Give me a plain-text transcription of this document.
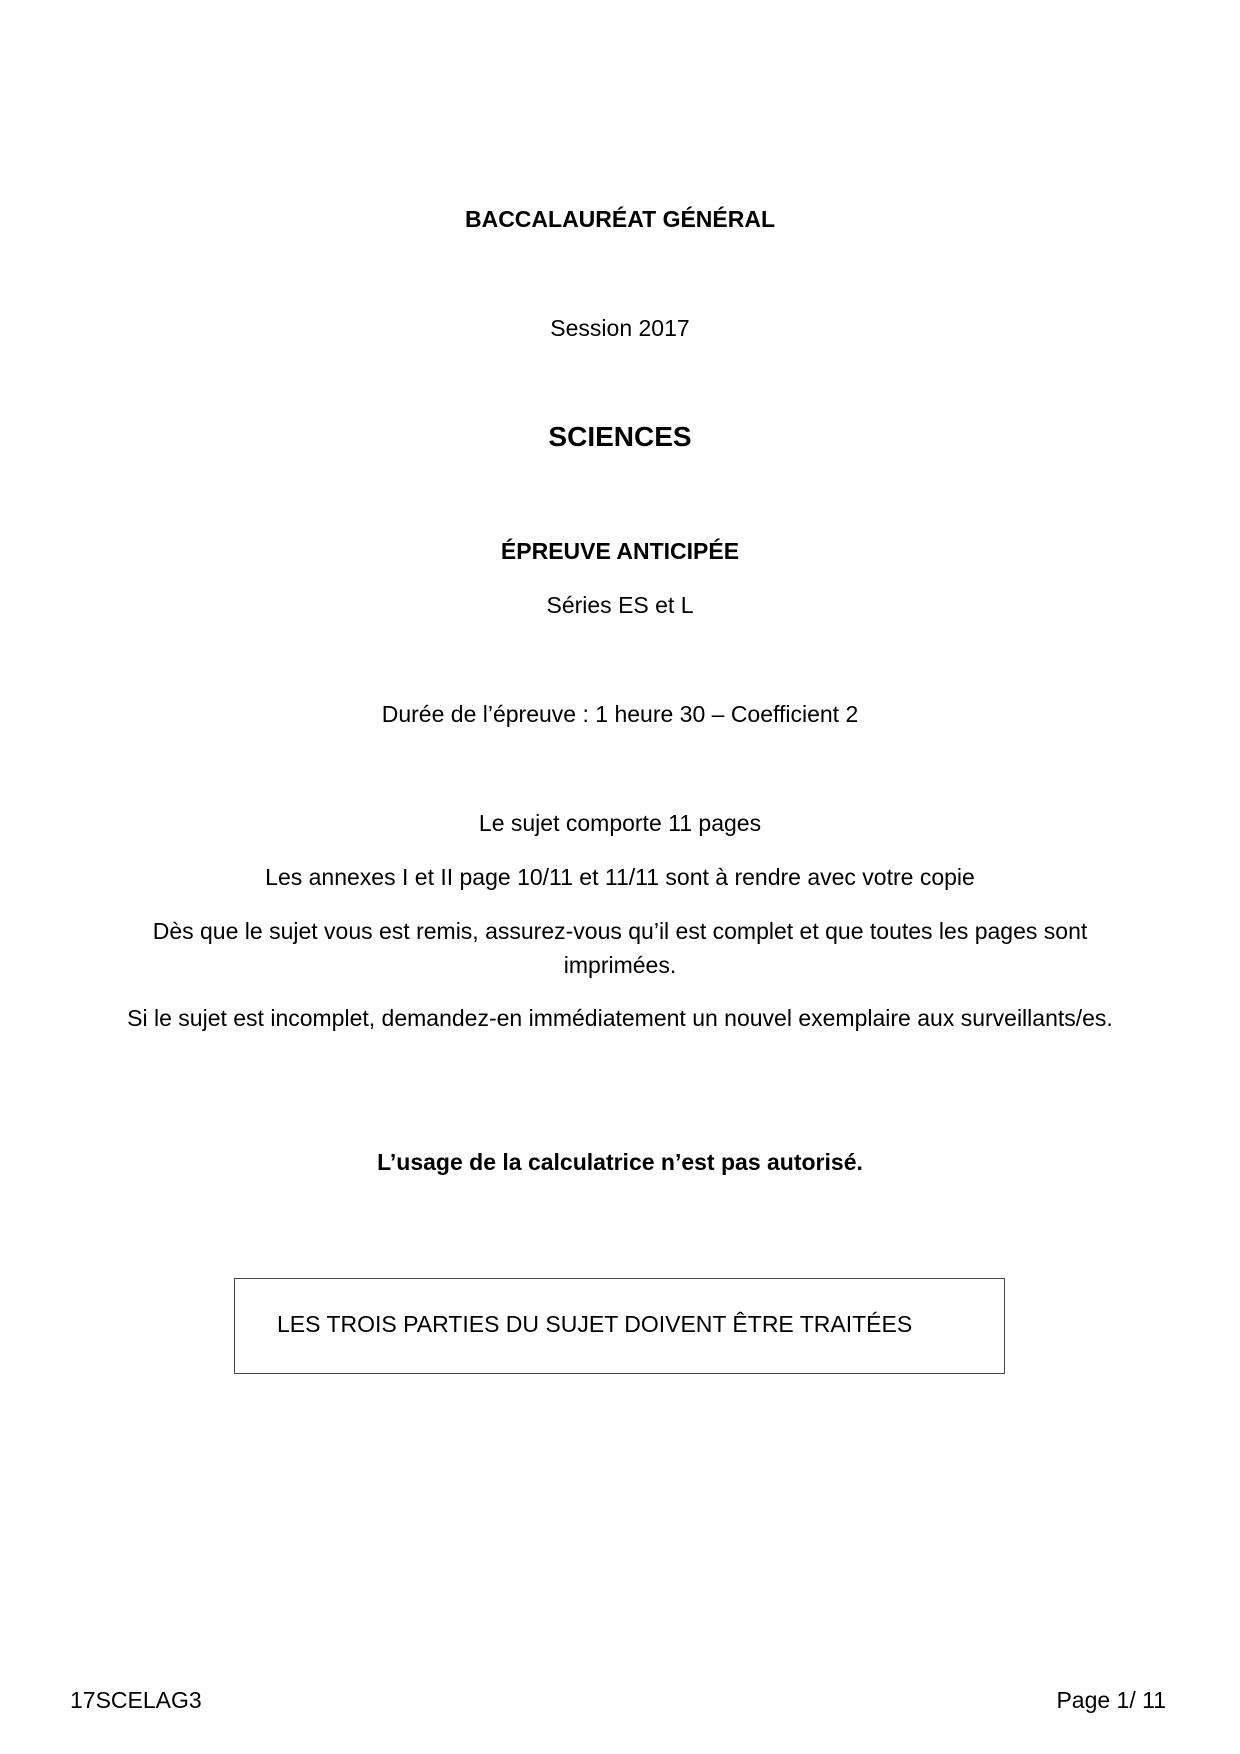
BACCALAURÉAT GÉNÉRAL
Session 2017
SCIENCES
ÉPREUVE ANTICIPÉE
Séries ES et L
Durée de l’épreuve : 1 heure 30 – Coefficient 2
Le sujet comporte 11 pages
Les annexes I et II page 10/11 et 11/11 sont à rendre avec votre copie
Dès que le sujet vous est remis, assurez-vous qu’il est complet et que toutes les pages sont imprimées.
Si le sujet est incomplet, demandez-en immédiatement un nouvel exemplaire aux surveillants/es.
L’usage de la calculatrice n’est pas autorisé.
LES TROIS PARTIES DU SUJET DOIVENT ÊTRE TRAITÉES
17SCELAG3	Page 1/ 11
